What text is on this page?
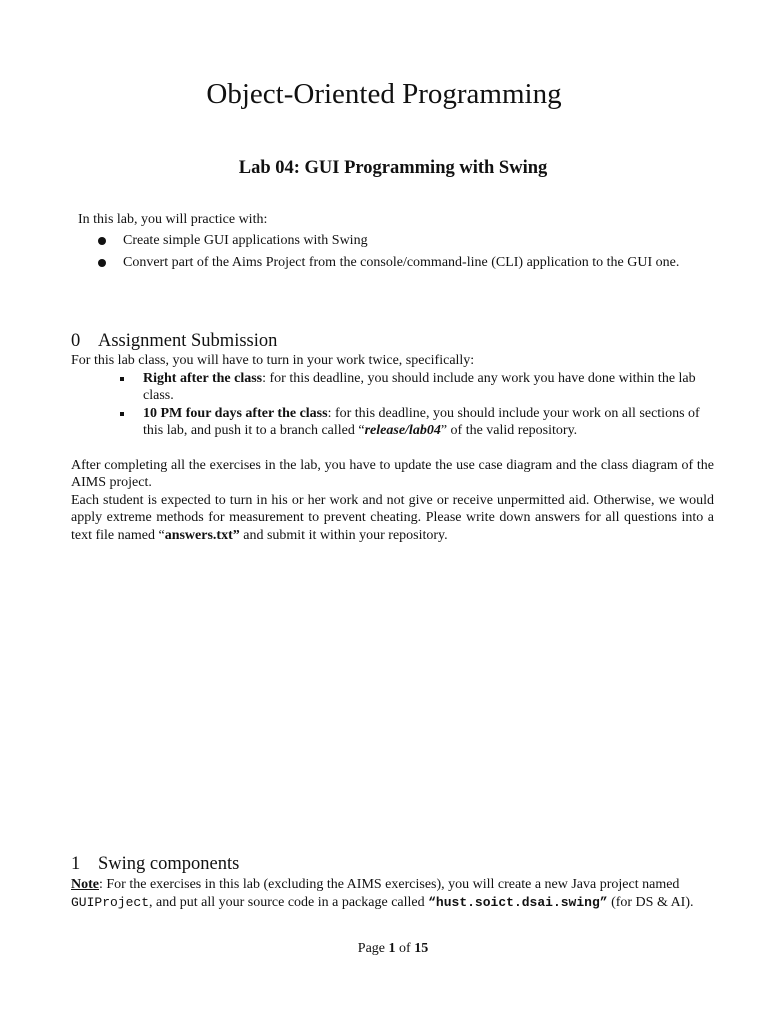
Object-Oriented Programming
Lab 04: GUI Programming with Swing

In this lab, you will practice with:

Create simple GUI applications with Swing
Convert part of the Aims Project from the console/command-line (CLI) application to the GUI one.
0 Assignment Submission

For this lab class, you will have to turn in your work twice, specifically:

Right after the class: for this deadline, you should include any work you have done within the lab class.
10 PM four days after the class: for this deadline, you should include your work on all sections of this lab, and push it to a branch called “release/lab04” of the valid repository.

After completing all the exercises in the lab, you have to update the use case diagram and the class diagram of the AIMS project.

Each student is expected to turn in his or her work and not give or receive unpermitted aid. Otherwise, we would apply extreme methods for measurement to prevent cheating. Please write down answers for all questions into a text file named “answers.txt” and submit it within your repository.

1 Swing components

Note: For the exercises in this lab (excluding the AIMS exercises), you will create a new Java project named GUIProject, and put all your source code in a package called “hust.soict.dsai.swing” (for DS & AI).

Page 1 of 15
